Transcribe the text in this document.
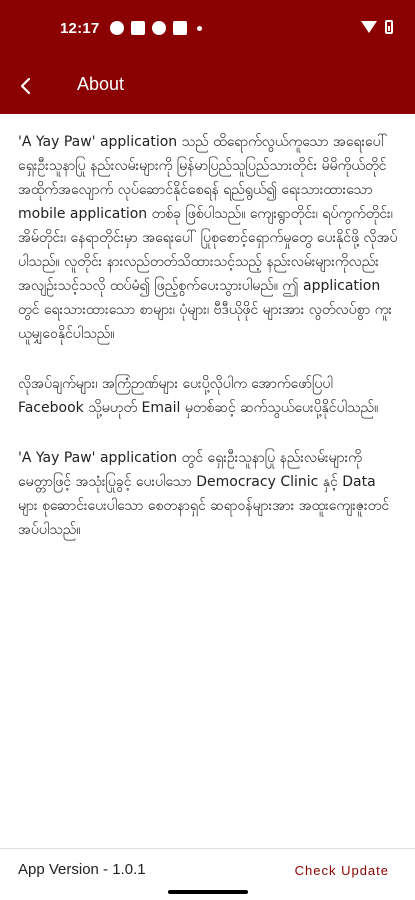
12:17
About

'A Yay Paw' application သည် ထိရောက်လွယ်ကူသော အရေးပေါ် ရှေးဦးသူနာပြု နည်းလမ်းများကို မြန်မာပြည်သူပြည်သားတိုင်း မိမိကိုယ်တိုင် အထိုက်အလျောက် လုပ်ဆောင်နိုင်စေရန် ရည်ရွယ်၍ ရေးသားထားသော mobile application တစ်ခု ဖြစ်ပါသည်။ ကျေးရွာတိုင်း၊ ရပ်ကွက်တိုင်း၊ အိမ်တိုင်း၊ နေရာတိုင်းမှာ အရေးပေါ် ပြုစုစောင့်ရှောက်မှုတွေ ပေးနိုင်ဖို့ လိုအပ်ပါသည်။ လူတိုင်း နားလည်တတ်သိထားသင့်သည့် နည်းလမ်းများကိုလည်း အလျဉ်းသင့်သလို ထပ်မံ၍ ဖြည့်စွက်ပေးသွားပါမည်။ ဤ application တွင် ရေးသားထားသော စာများ၊ ပုံများ၊ ဗီဒီယိုဖိုင် များအား လွတ်လပ်စွာ ကူးယူမျှဝေနိုင်ပါသည်။

လိုအပ်ချက်များ၊ အကြံဉာဏ်များ ပေးပို့လိုပါက အောက်ဖော်ပြပါ Facebook သို့မဟုတ် Email မှတစ်ဆင့် ဆက်သွယ်ပေးပို့နိုင်ပါသည်။

'A Yay Paw' application တွင် ရှေးဦးသူနာပြု နည်းလမ်းများကို မေတ္တာဖြင့် အသုံးပြုခွင့် ပေးပါသော Democracy Clinic နှင့် Data များ စုဆောင်းပေးပါသော စေတနာရှင် ဆရာဝန်များအား အထူးကျေးဇူးတင်အပ်ပါသည်။

App Version - 1.0.1	Check Update
